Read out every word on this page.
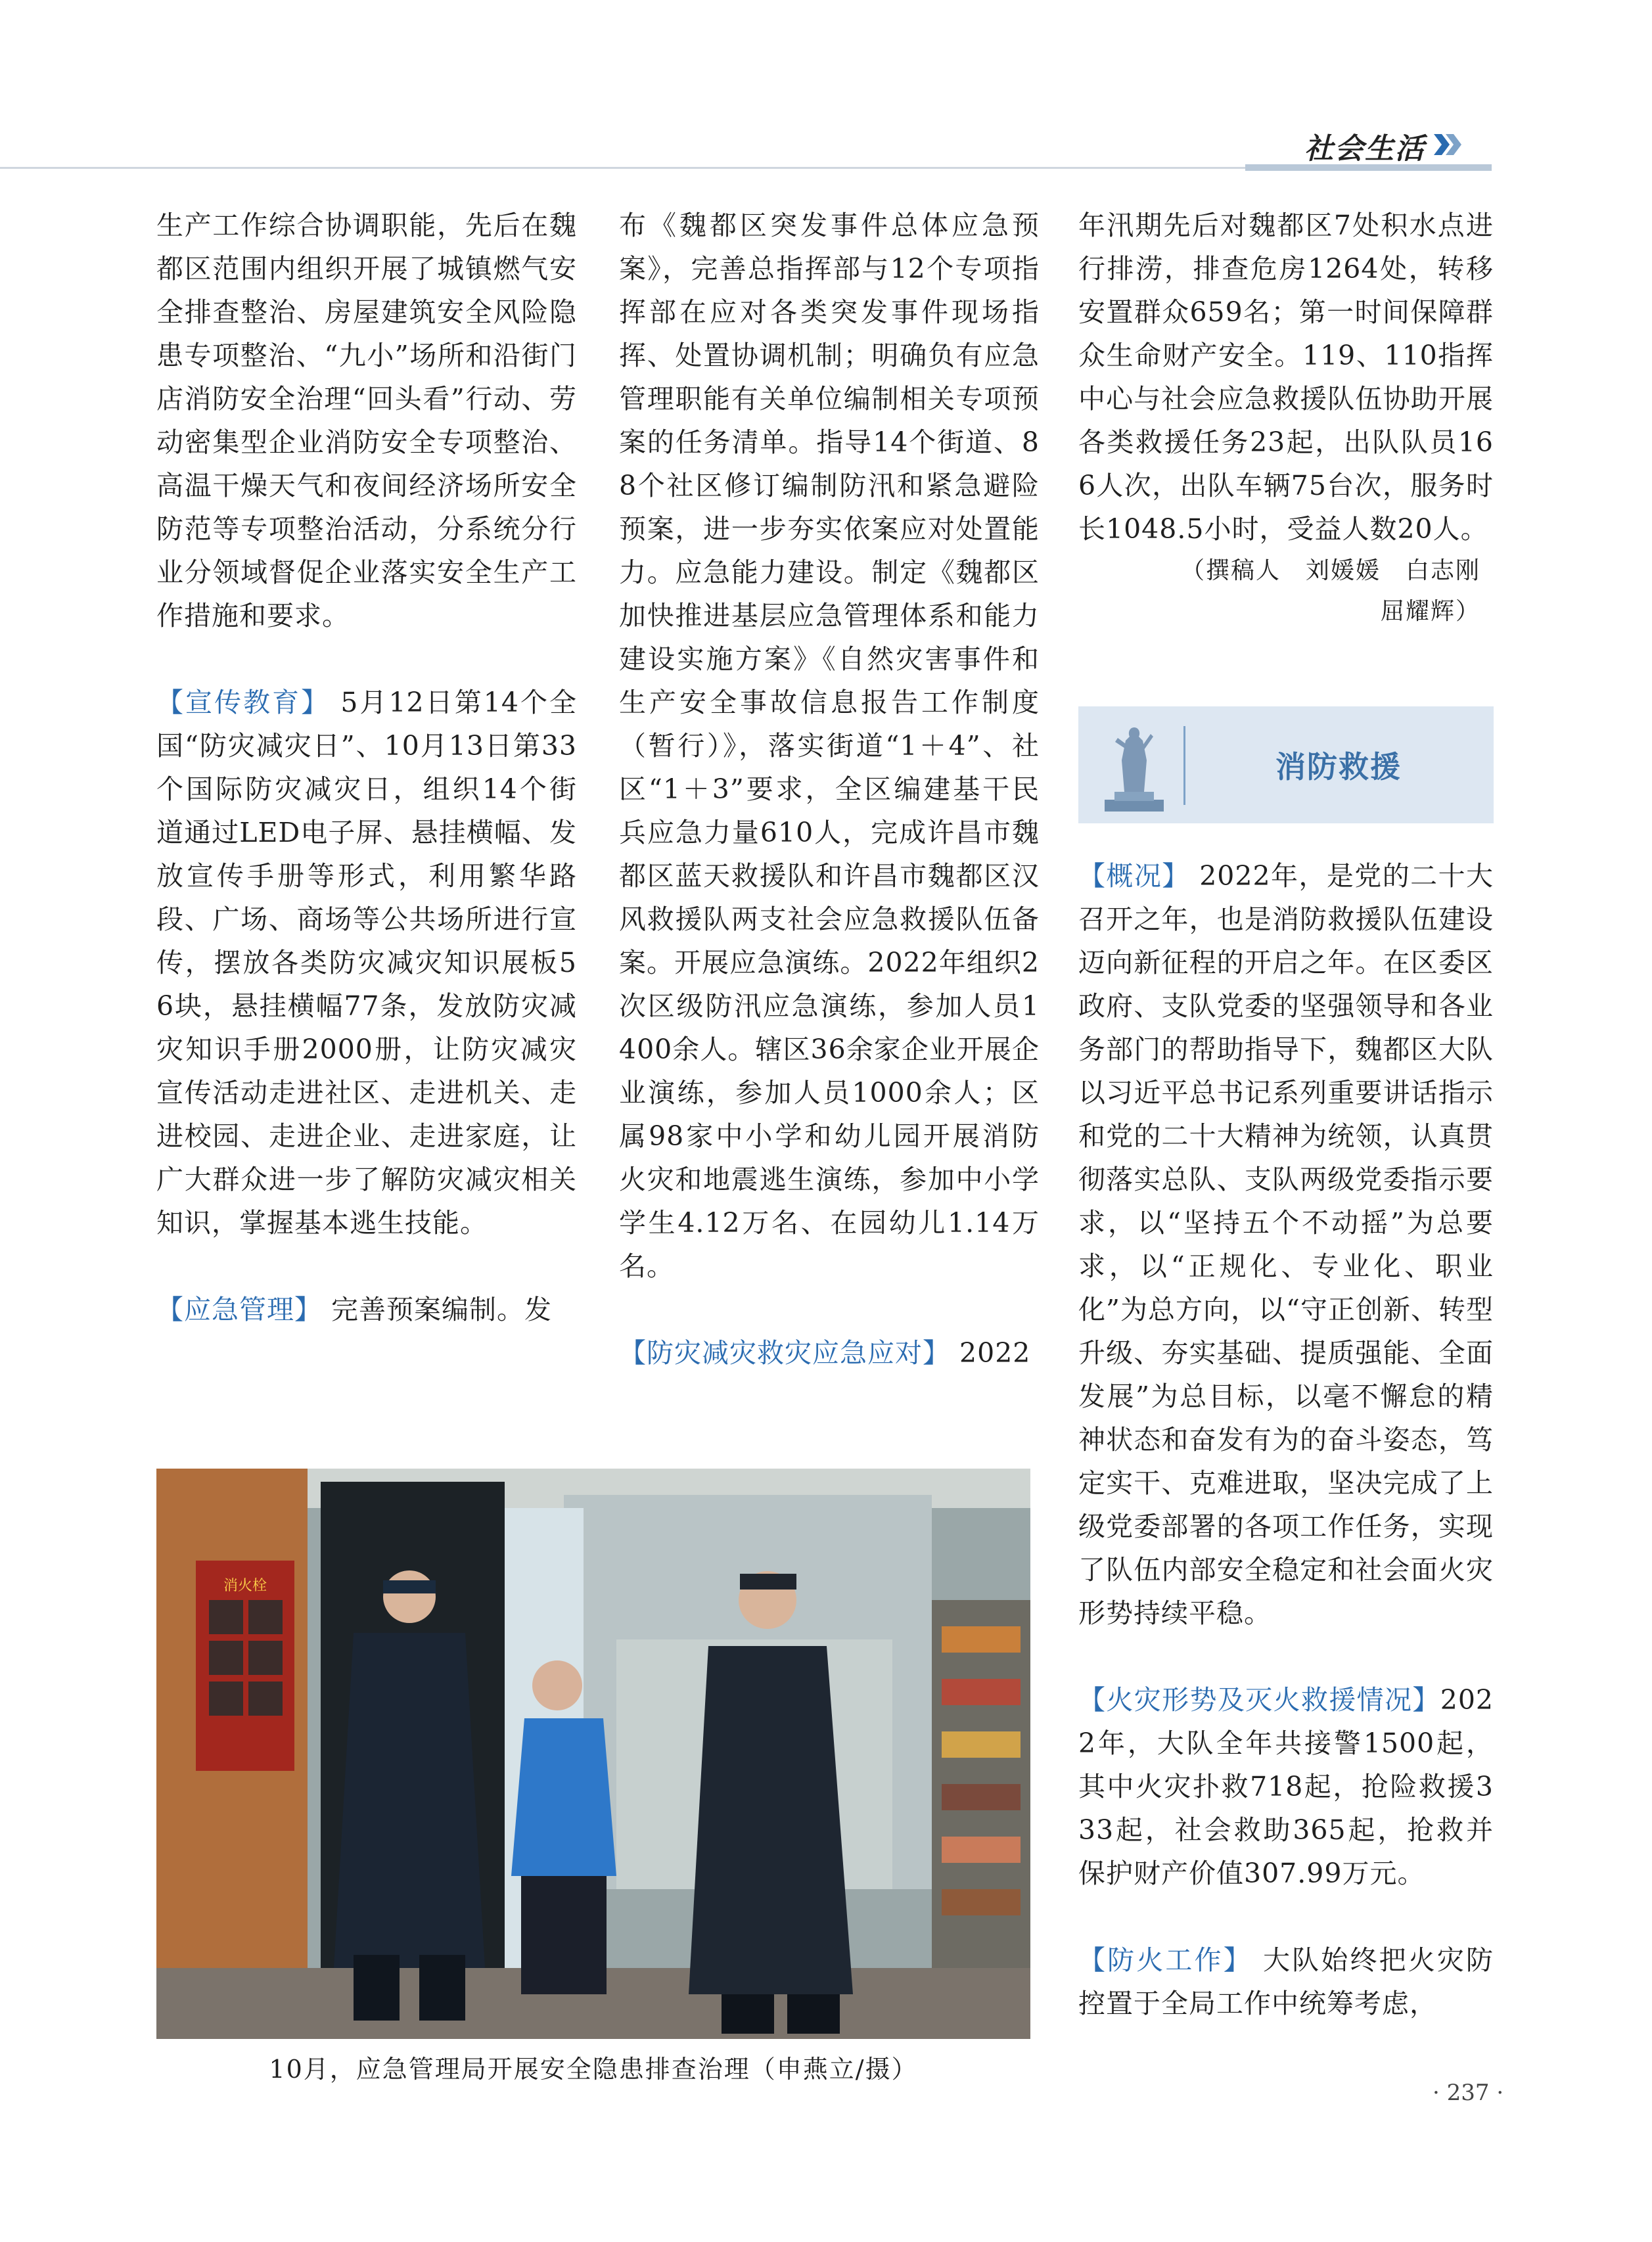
社会生活

生产工作综合协调职能，先后在魏都区范围内组织开展了城镇燃气安全排查整治、房屋建筑安全风险隐患专项整治、“九小”场所和沿街门店消防安全治理“回头看”行动、劳动密集型企业消防安全专项整治、高温干燥天气和夜间经济场所安全防范等专项整治活动，分系统分行业分领域督促企业落实安全生产工作措施和要求。

【宣传教育】 5月12日第14个全国“防灾减灾日”、10月13日第33个国际防灾减灾日，组织14个街道通过LED电子屏、悬挂横幅、发放宣传手册等形式，利用繁华路段、广场、商场等公共场所进行宣传，摆放各类防灾减灾知识展板56块，悬挂横幅77条，发放防灾减灾知识手册2000册，让防灾减灾宣传活动走进社区、走进机关、走进校园、走进企业、走进家庭，让广大群众进一步了解防灾减灾相关知识，掌握基本逃生技能。

【应急管理】 完善预案编制。发

布《魏都区突发事件总体应急预案》，完善总指挥部与12个专项指挥部在应对各类突发事件现场指挥、处置协调机制；明确负有应急管理职能有关单位编制相关专项预案的任务清单。指导14个街道、88个社区修订编制防汛和紧急避险预案，进一步夯实依案应对处置能力。应急能力建设。制定《魏都区加快推进基层应急管理体系和能力建设实施方案》《自然灾害事件和生产安全事故信息报告工作制度（暂行）》，落实街道“1＋4”、社区“1＋3”要求，全区编建基干民兵应急力量610人，完成许昌市魏都区蓝天救援队和许昌市魏都区汉风救援队两支社会应急救援队伍备案。开展应急演练。2022年组织2次区级防汛应急演练，参加人员1400余人。辖区36余家企业开展企业演练，参加人员1000余人；区属98家中小学和幼儿园开展消防火灾和地震逃生演练，参加中小学学生4.12万名、在园幼儿1.14万名。

【防灾减灾救灾应急应对】 2022

年汛期先后对魏都区7处积水点进行排涝，排查危房1264处，转移安置群众659名；第一时间保障群众生命财产安全。119、110指挥中心与社会应急救援队伍协助开展各类救援任务23起，出队队员166人次，出队车辆75台次，服务时长1048.5小时，受益人数20人。

（撰稿人　刘媛媛　白志刚
屈耀辉）
消防救援

【概况】 2022年，是党的二十大召开之年，也是消防救援队伍建设迈向新征程的开启之年。在区委区政府、支队党委的坚强领导和各业务部门的帮助指导下，魏都区大队以习近平总书记系列重要讲话指示和党的二十大精神为统领，认真贯彻落实总队、支队两级党委指示要求，以“坚持五个不动摇”为总要求，以“正规化、专业化、职业化”为总方向，以“守正创新、转型升级、夯实基础、提质强能、全面发展”为总目标，以毫不懈怠的精神状态和奋发有为的奋斗姿态，笃定实干、克难进取，坚决完成了上级党委部署的各项工作任务，实现了队伍内部安全稳定和社会面火灾形势持续平稳。

【火灾形势及灭火救援情况】2022年，大队全年共接警1500起，其中火灾扑救718起，抢险救援333起，社会救助365起，抢救并保护财产价值307.99万元。

【防火工作】 大队始终把火灾防控置于全局工作中统筹考虑，

消火栓
10月，应急管理局开展安全隐患排查治理（申燕立/摄）
· 237 ·
